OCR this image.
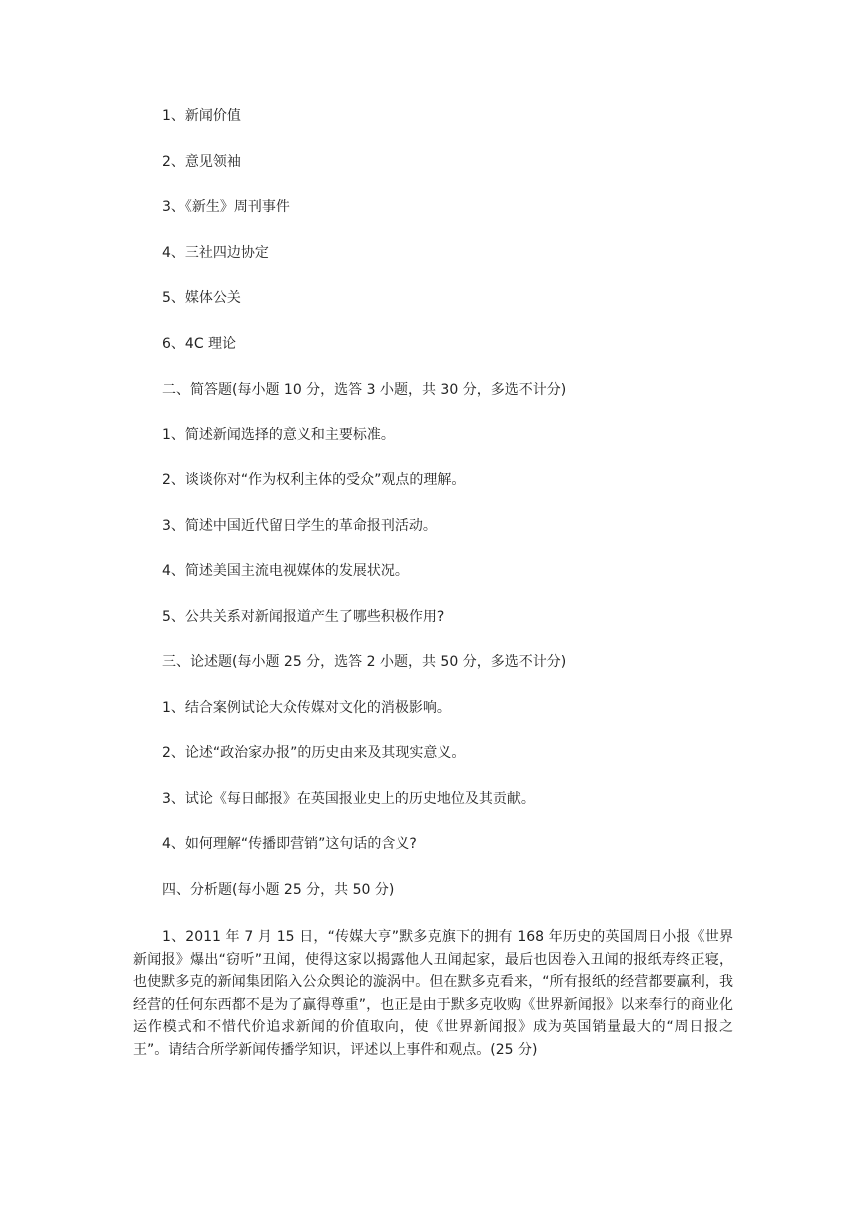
1、新闻价值

2、意见领袖

3、《新生》周刊事件

4、三社四边协定

5、媒体公关

6、4C 理论

二、简答题(每小题 10 分，选答 3 小题，共 30 分，多选不计分)

1、简述新闻选择的意义和主要标准。

2、谈谈你对“作为权利主体的受众”观点的理解。

3、简述中国近代留日学生的革命报刊活动。

4、简述美国主流电视媒体的发展状况。

5、公共关系对新闻报道产生了哪些积极作用?

三、论述题(每小题 25 分，选答 2 小题，共 50 分，多选不计分)

1、结合案例试论大众传媒对文化的消极影响。

2、论述“政治家办报”的历史由来及其现实意义。

3、试论《每日邮报》在英国报业史上的历史地位及其贡献。

4、如何理解“传播即营销”这句话的含义?

四、分析题(每小题 25 分，共 50 分)

1、2011 年 7 月 15 日，“传媒大亨”默多克旗下的拥有 168 年历史的英国周日小报《世界新闻报》爆出“窃听”丑闻，使得这家以揭露他人丑闻起家，最后也因卷入丑闻的报纸寿终正寝，也使默多克的新闻集团陷入公众舆论的漩涡中。但在默多克看来，“所有报纸的经营都要赢利，我经营的任何东西都不是为了赢得尊重”，也正是由于默多克收购《世界新闻报》以来奉行的商业化运作模式和不惜代价追求新闻的价值取向，使《世界新闻报》成为英国销量最大的“周日报之王”。请结合所学新闻传播学知识，评述以上事件和观点。(25 分)
